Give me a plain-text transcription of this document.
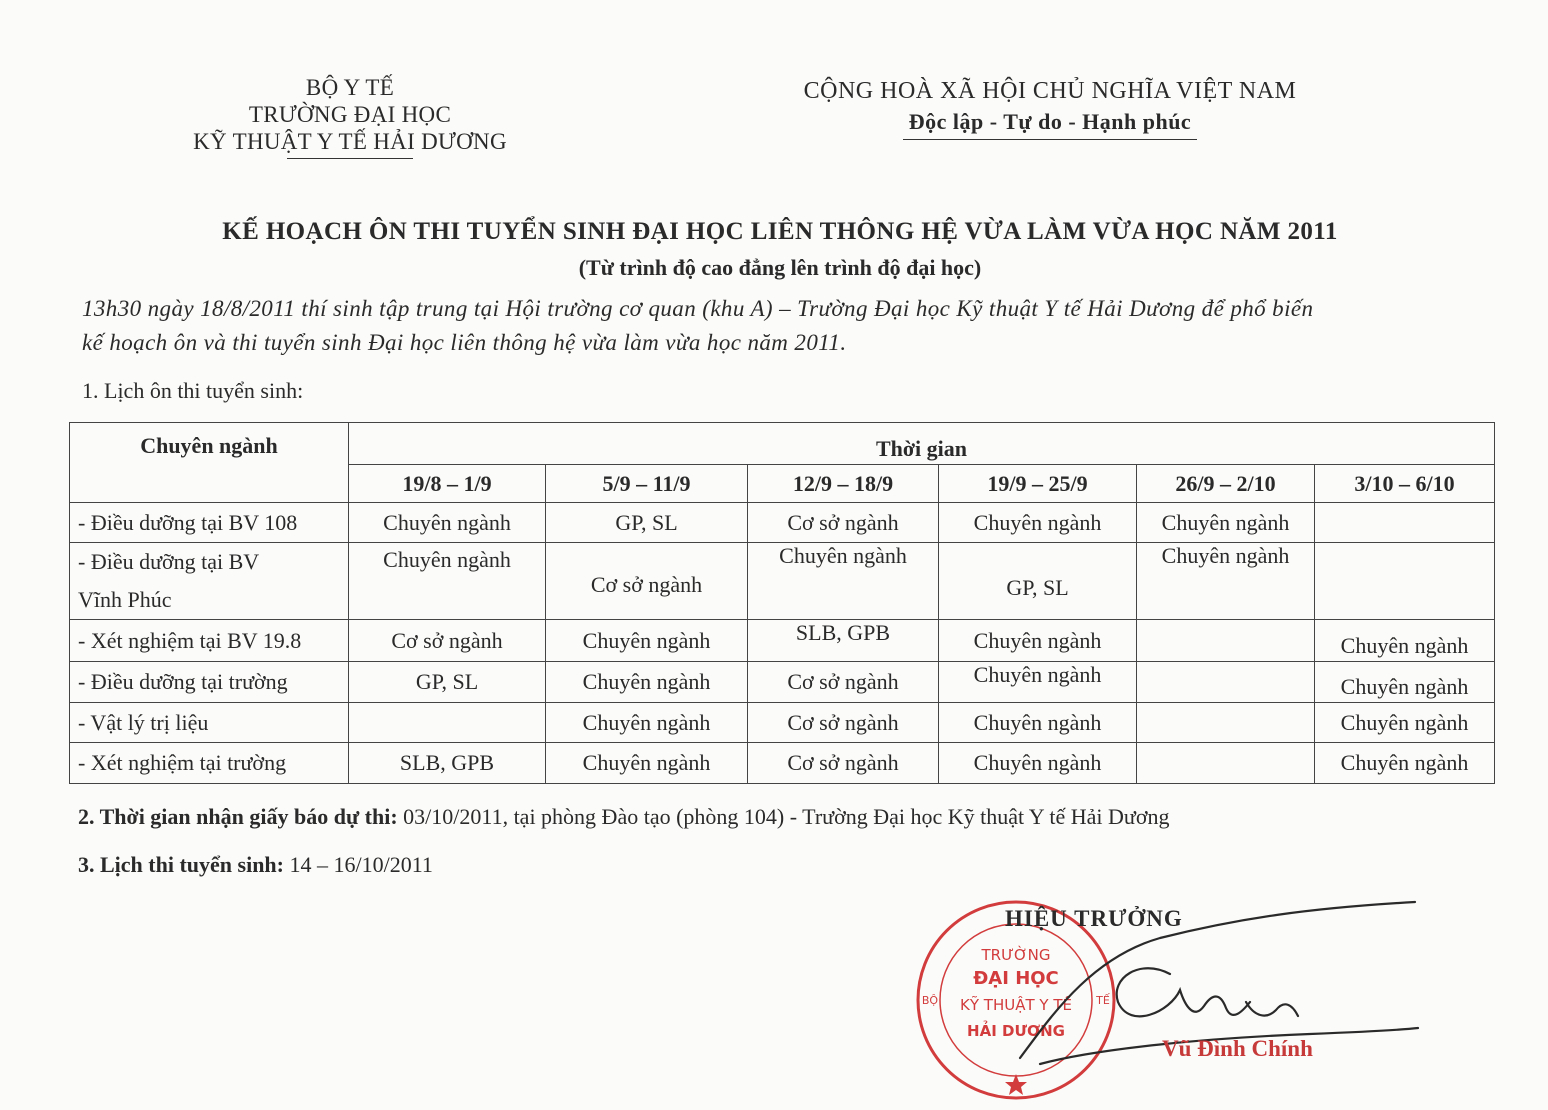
BỘ Y TẾ
TRƯỜNG ĐẠI HỌC
KỸ THUẬT Y TẾ HẢI DƯƠNG
CỘNG HOÀ XÃ HỘI CHỦ NGHĨA VIỆT NAM
Độc lập - Tự do - Hạnh phúc
KẾ HOẠCH ÔN THI TUYỂN SINH ĐẠI HỌC LIÊN THÔNG HỆ VỪA LÀM VỪA HỌC NĂM 2011
(Từ trình độ cao đẳng lên trình độ đại học)
13h30 ngày 18/8/2011 thí sinh tập trung tại Hội trường cơ quan (khu A) – Trường Đại học Kỹ thuật Y tế Hải Dương để phổ biến
kế hoạch ôn và thi tuyển sinh Đại học liên thông hệ vừa làm vừa học năm 2011.
1. Lịch ôn thi tuyển sinh:
Chuyên ngành	Thời gian					
	19/8 – 1/9	5/9 – 11/9	12/9 – 18/9	19/9 – 25/9	26/9 – 2/10	3/10 – 6/10
- Điều dưỡng tại BV 108	Chuyên ngành	GP, SL	Cơ sở ngành	Chuyên ngành	Chuyên ngành	

- Điều dưỡng tại BV
Vĩnh Phúc	Chuyên ngành	Cơ sở ngành	Chuyên ngành	GP, SL	Chuyên ngành	
- Xét nghiệm tại BV 19.8	Cơ sở ngành	Chuyên ngành	SLB, GPB	Chuyên ngành		Chuyên ngành
- Điều dưỡng tại trường	GP, SL	Chuyên ngành	Cơ sở ngành	Chuyên ngành		Chuyên ngành
- Vật lý trị liệu		Chuyên ngành	Cơ sở ngành	Chuyên ngành		Chuyên ngành
- Xét nghiệm tại trường	SLB, GPB	Chuyên ngành	Cơ sở ngành	Chuyên ngành		Chuyên ngành
2. Thời gian nhận giấy báo dự thi: 03/10/2011, tại phòng Đào tạo (phòng 104) - Trường Đại học Kỹ thuật Y tế Hải Dương
3. Lịch thi tuyển sinh: 14 – 16/10/2011
TRƯỜNG
ĐẠI HỌC
KỸ THUẬT Y TẾ
HẢI DƯƠNG
BỘ	TẾ
HIỆU TRƯỞNG
Vũ Đình Chính
